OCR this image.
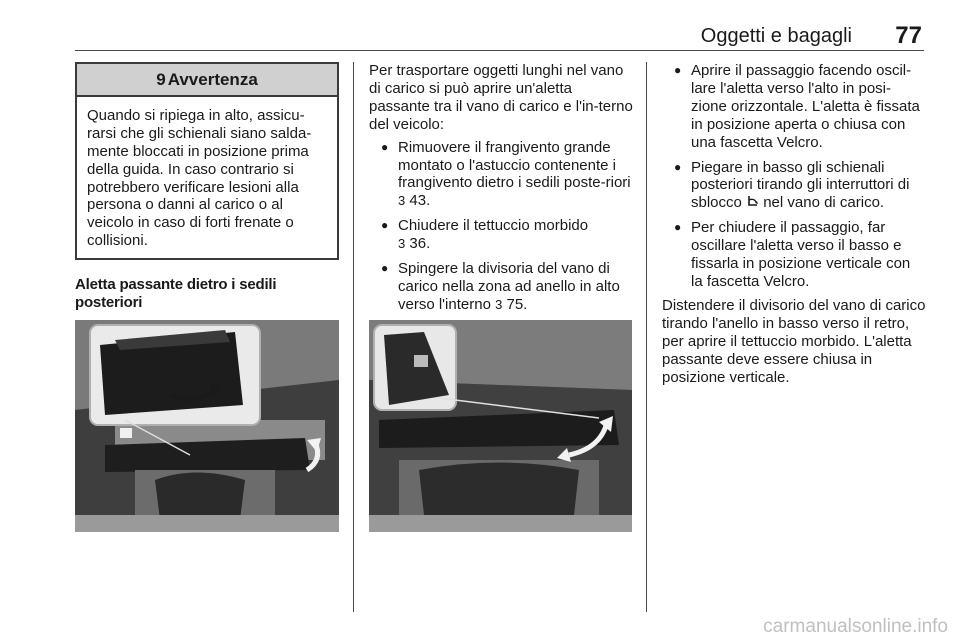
Oggetti e bagagli 77
9 Avvertenza
Quando si ripiega in alto, assicu-rarsi che gli schienali siano salda-mente bloccati in posizione prima della guida. In caso contrario si potrebbero verificare lesioni alla persona o danni al carico o al veicolo in caso di forti frenate o collisioni.

Aletta passante dietro i sedili posteriori

Per trasportare oggetti lunghi nel vano di carico si può aprire un'aletta passante tra il vano di carico e l'in-terno del veicolo:

● Rimuovere il frangivento grande montato o l'astuccio contenente i frangivento dietro i sedili poste-riori 3 43.
● Chiudere il tettuccio morbido
3 36.
● Spingere la divisoria del vano di carico nella zona ad anello in alto verso l'interno 3 75.
● Aprire il passaggio facendo oscil-lare l'aletta verso l'alto in posi-zione orizzontale. L'aletta è fissata in posizione aperta o chiusa con una fascetta Velcro.
● Piegare in basso gli schienali posteriori tirando gli interruttori di sblocco nel vano di carico.
● Per chiudere il passaggio, far oscillare l'aletta verso il basso e fissarla in posizione verticale con la fascetta Velcro.

Distendere il divisorio del vano di carico tirando l'anello in basso verso il retro, per aprire il tettuccio morbido. L'aletta passante deve essere chiusa in posizione verticale.

carmanualsonline.info
